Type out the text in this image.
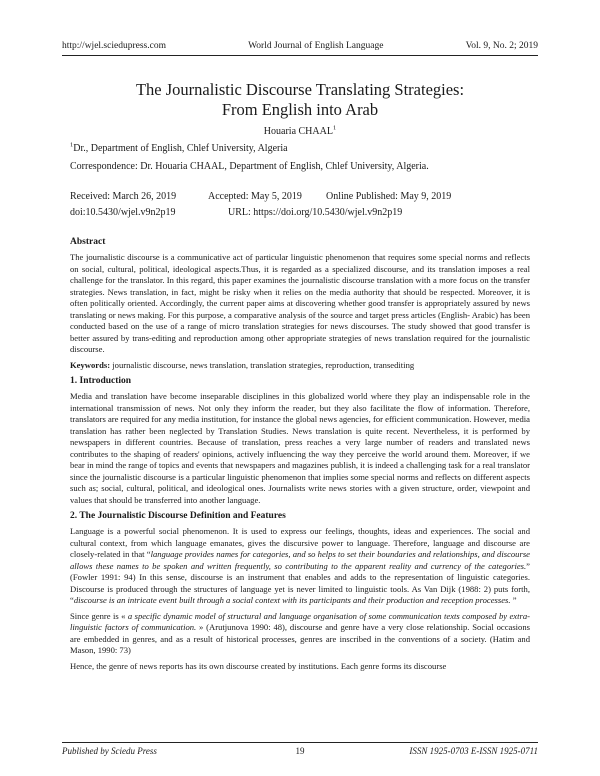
http://wjel.sciedupress.com	World Journal of English Language	Vol. 9, No. 2; 2019
The Journalistic Discourse Translating Strategies:
From English into Arab
Houaria CHAAL$^1$
$^1$Dr., Department of English, Chlef University, Algeria
Correspondence: Dr. Houaria CHAAL, Department of English, Chlef University, Algeria.
Received: March 26, 2019	Accepted: May 5, 2019 Online Published: May 9, 2019
doi:10.5430/wjel.v9n2p19	URL: https://doi.org/10.5430/wjel.v9n2p19
Abstract

The journalistic discourse is a communicative act of particular linguistic phenomenon that requires some special norms and reflects on social, cultural, political, ideological aspects.Thus, it is regarded as a specialized discourse, and its translation imposes a real challenge for the translator. In this regard, this paper examines the journalistic discourse translation with a more focus on the transfer strategies. News translation, in fact, might be risky when it relies on the media authority that should be respected. Moreover, it is often politically oriented. Accordingly, the current paper aims at discovering whether good transfer is appropriately assured by news translating or news making. For this purpose, a comparative analysis of the source and target press articles (English- Arabic) has been conducted based on the use of a range of micro translation strategies for news discourses. The study showed that good transfer is better assured by trans-editing and reproduction among other appropriate strategies of news translation required for the journalistic discourse.

Keywords: journalistic discourse, news translation, translation strategies, reproduction, transediting

1. Introduction

Media and translation have become inseparable disciplines in this globalized world where they play an indispensable role in the international transmission of news. Not only they inform the reader, but they also facilitate the flow of information. Therefore, translators are required for any media institution, for instance the global news agencies, for efficient communication. However, media translation has rather been neglected by Translation Studies. News translation is quite recent. Nevertheless, it is performed by newspapers in different countries. Because of translation, press reaches a very large number of readers and translated news contributes to the shaping of readers' opinions, actively influencing the way they perceive the world around them. Moreover, if we bear in mind the range of topics and events that newspapers and magazines publish, it is indeed a challenging task for a real translator since the journalistic discourse is a particular linguistic phenomenon that implies some special norms and reflects on different aspects such as; social, cultural, political, and ideological ones. Journalists write news stories with a given structure, order, viewpoint and values that should be transferred into another language.

2. The Journalistic Discourse Definition and Features

Language is a powerful social phenomenon. It is used to express our feelings, thoughts, ideas and experiences. The social and cultural context, from which language emanates, gives the discursive power to language. Therefore, language and discourse are closely-related in that “language provides names for categories, and so helps to set their boundaries and relationships, and discourse allows these names to be spoken and written frequently, so contributing to the apparent reality and currency of the categories.” (Fowler 1991: 94) In this sense, discourse is an instrument that enables and adds to the representation of linguistic categories. Discourse is produced through the structures of language yet is never limited to linguistic tools. As Van Dijk (1988: 2) puts forth, “discourse is an intricate event built through a social context with its participants and their production and reception processes. ”

Since genre is « a specific dynamic model of structural and language organisation of some communication texts composed by extra-linguistic factors of communication. » (Arutjunova 1990: 48), discourse and genre have a very close relationship. Social occasions are embedded in genres, and as a result of historical processes, genres are inscribed in the conventions of a society. (Hatim and Mason, 1990: 73)

Hence, the genre of news reports has its own discourse created by institutions. Each genre forms its discourse

Published by Sciedu Press	19	ISSN 1925-0703 E-ISSN 1925-0711
